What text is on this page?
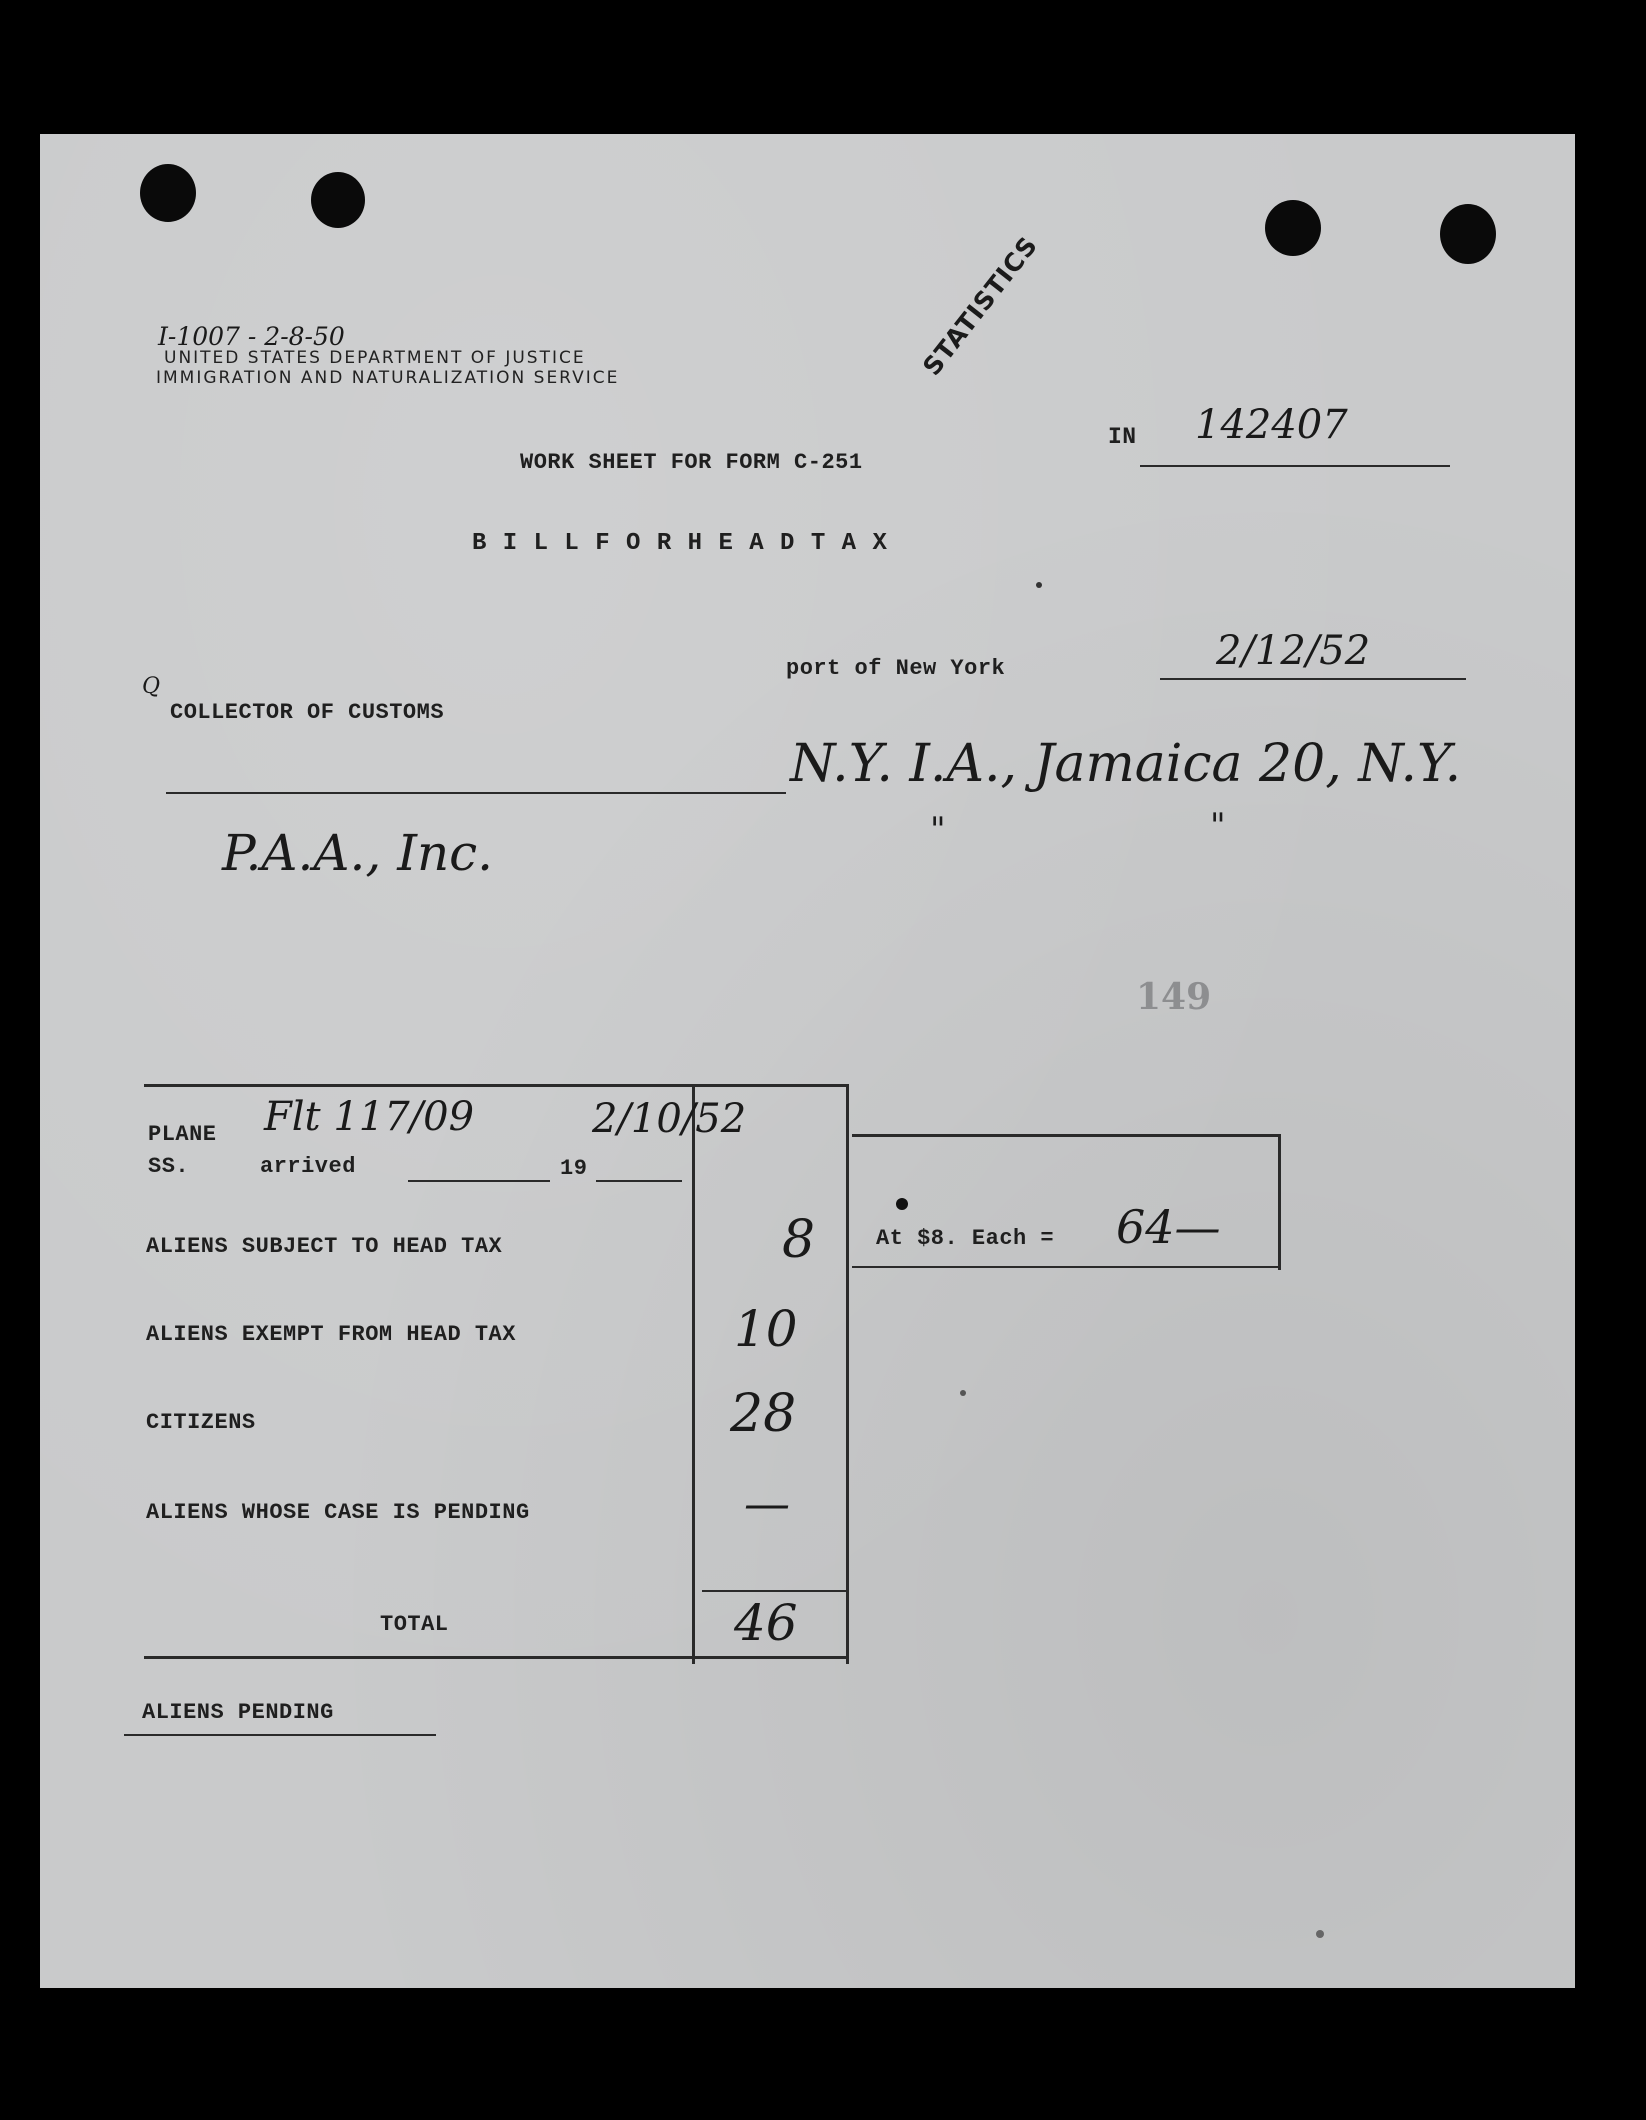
I-1007 - 2-8-50
UNITED STATES DEPARTMENT OF JUSTICE
IMMIGRATION AND NATURALIZATION SERVICE	STATISTICS
IN 142407
WORK SHEET FOR FORM C-251
B I L L F O R H E A D T A X
port of New York	2/12/52
Q
COLLECTOR OF CUSTOMS
P.A.A., Inc.
N.Y. I.A., Jamaica 20, N.Y.
"	"
149
PLANE
SS.	arrived	19
Flt 117/09	2/10/52
ALIENS SUBJECT TO HEAD TAX	8
ALIENS EXEMPT FROM HEAD TAX	10
CITIZENS	28
ALIENS WHOSE CASE IS PENDING	—
TOTAL	46
At $8. Each = 64—
ALIENS PENDING
